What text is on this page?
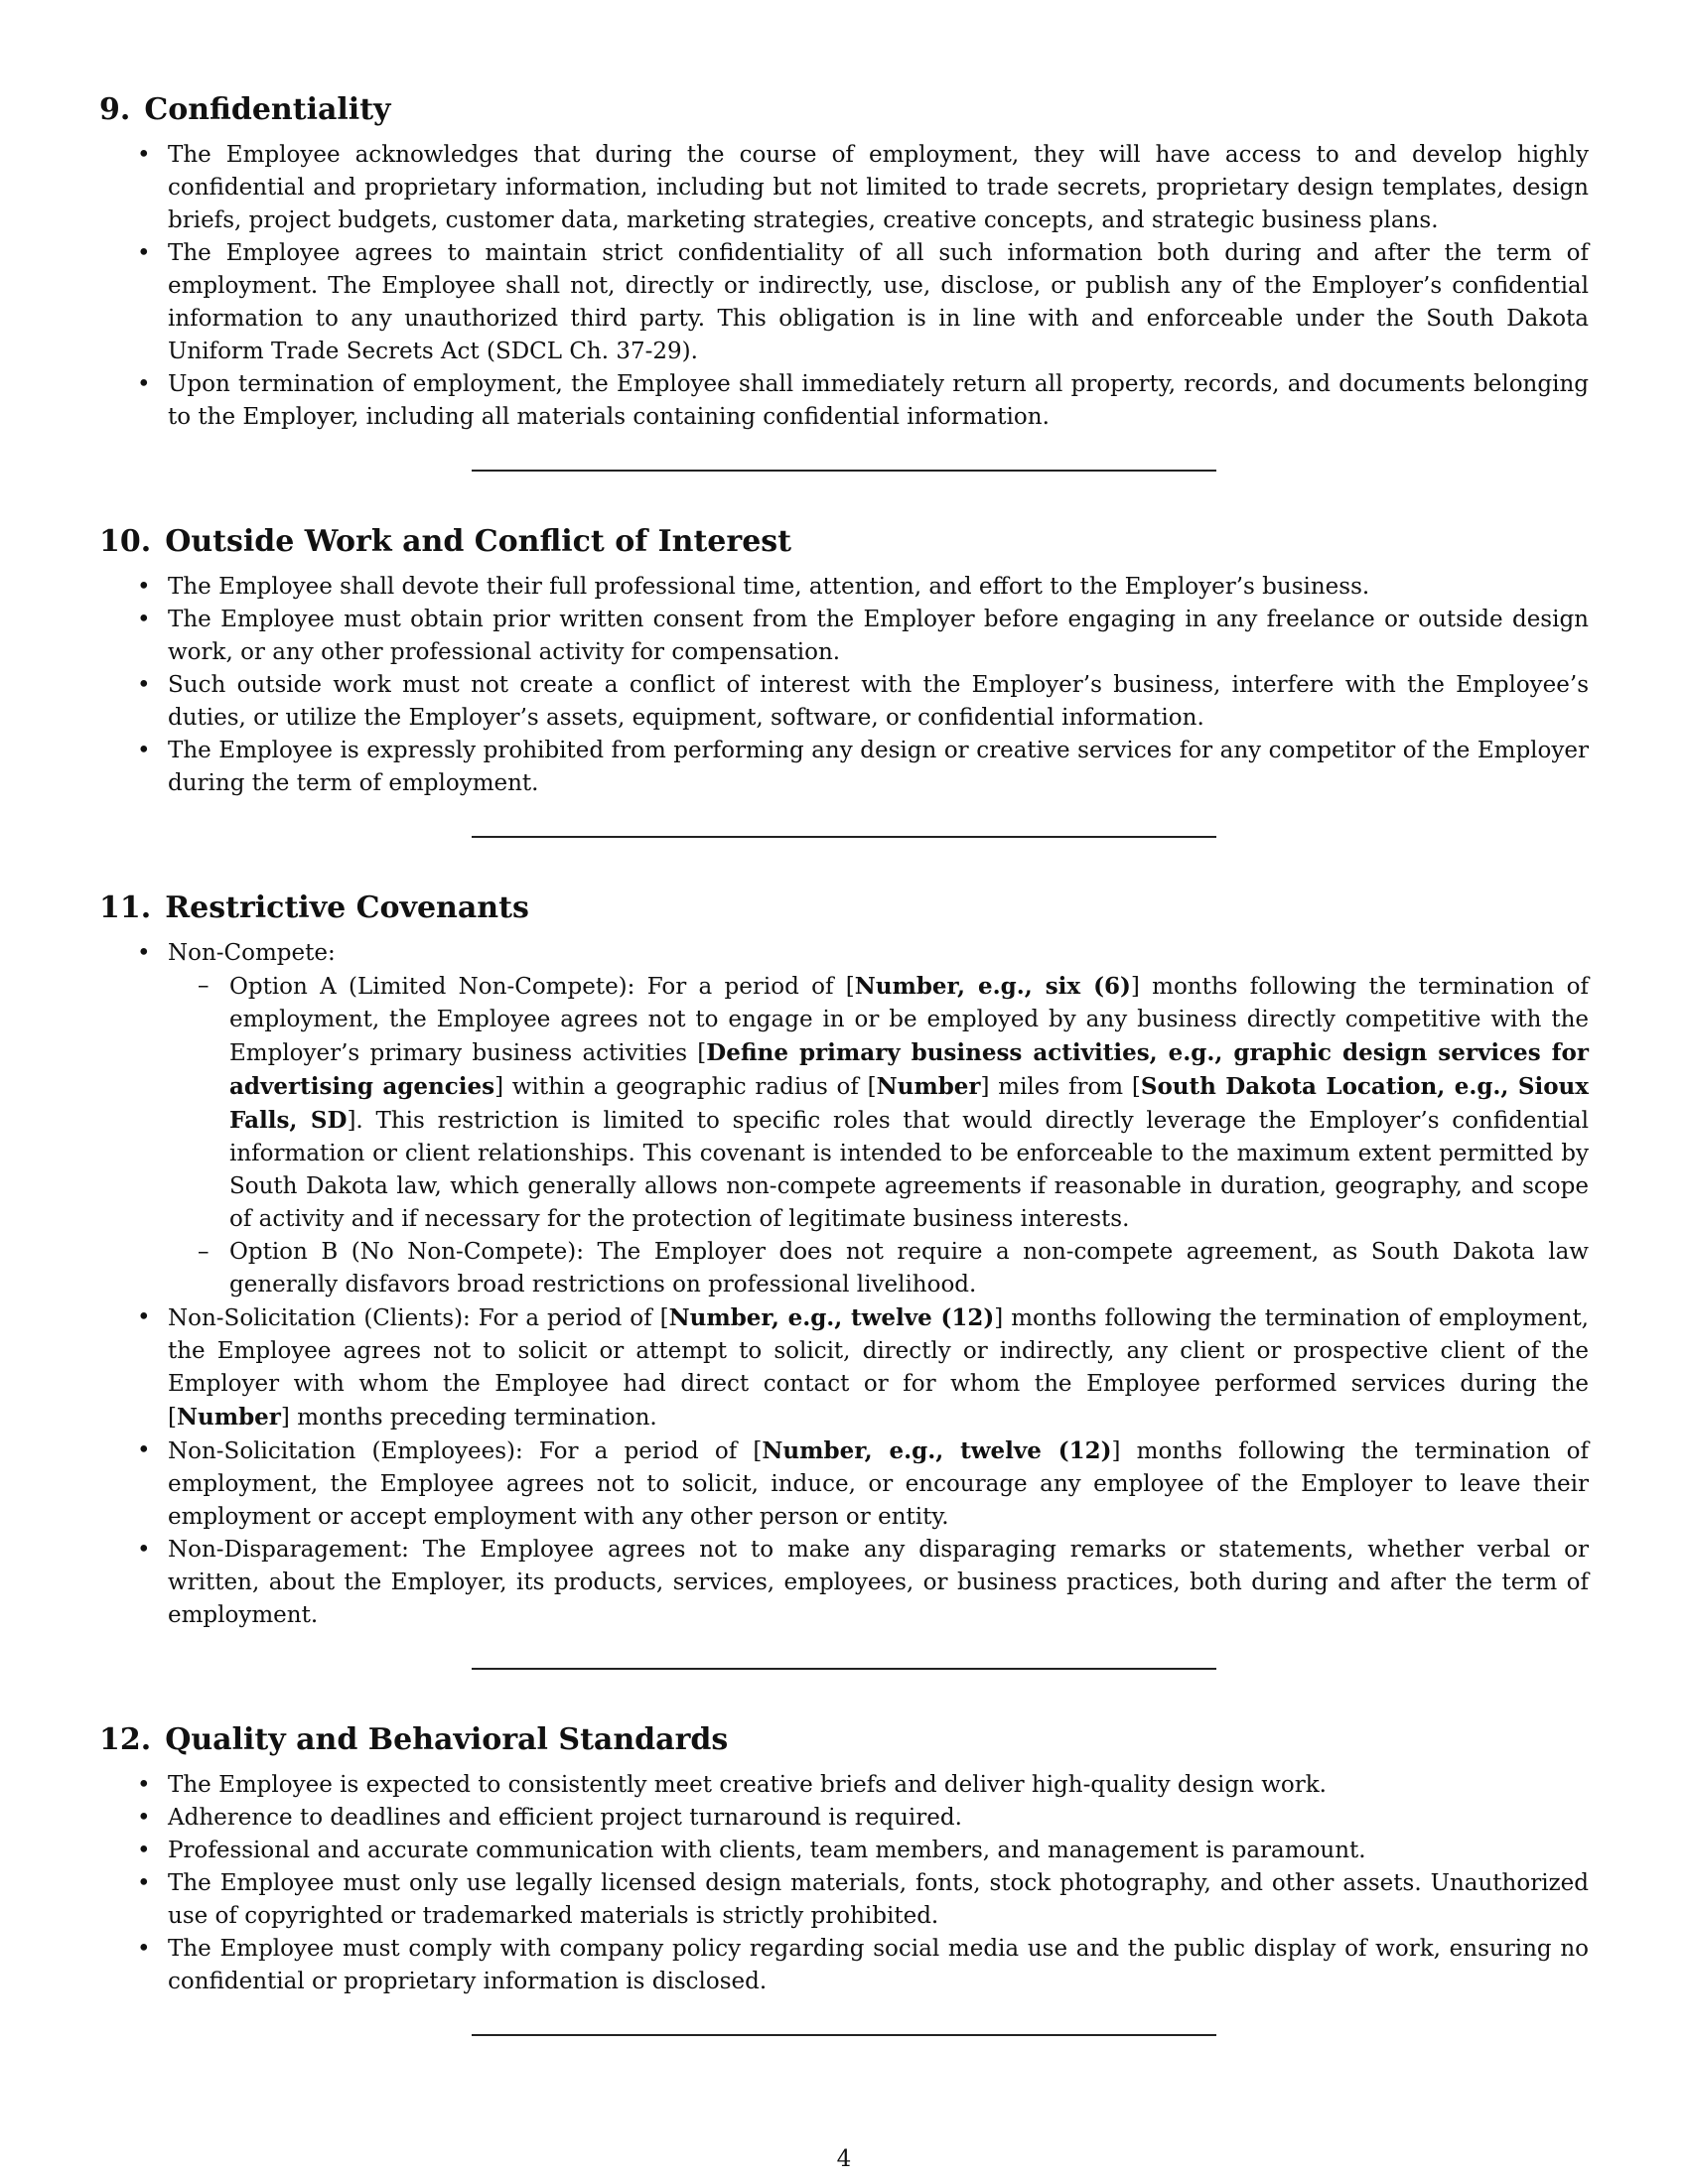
9. Confidentiality
• The Employee acknowledges that during the course of employment, they will have access to and develop highly confidential and proprietary information, including but not limited to trade secrets, proprietary design templates, design briefs, project budgets, customer data, marketing strategies, creative concepts, and strategic business plans.
• The Employee agrees to maintain strict confidentiality of all such information both during and after the term of employment. The Employee shall not, directly or indirectly, use, disclose, or publish any of the Employer’s confidential information to any unauthorized third party. This obligation is in line with and enforceable under the South Dakota Uniform Trade Secrets Act (SDCL Ch. 37-29).
• Upon termination of employment, the Employee shall immediately return all property, records, and documents belonging to the Employer, including all materials containing confidential information.
10. Outside Work and Conflict of Interest
• The Employee shall devote their full professional time, attention, and effort to the Employer’s business.
• The Employee must obtain prior written consent from the Employer before engaging in any freelance or outside design work, or any other professional activity for compensation.
• Such outside work must not create a conflict of interest with the Employer’s business, interfere with the Employee’s duties, or utilize the Employer’s assets, equipment, software, or confidential information.
• The Employee is expressly prohibited from performing any design or creative services for any competitor of the Employer during the term of employment.
11. Restrictive Covenants
• Non-Compete:
– Option A (Limited Non-Compete): For a period of [Number, e.g., six (6)] months following the termination of employment, the Employee agrees not to engage in or be employed by any business directly competitive with the Employer’s primary business activities [Define primary business activities, e.g., graphic design services for advertising agencies] within a geographic radius of [Number] miles from [South Dakota Location, e.g., Sioux Falls, SD]. This restriction is limited to specific roles that would directly leverage the Employer’s confidential information or client relationships. This covenant is intended to be enforceable to the maximum extent permitted by South Dakota law, which generally allows non-compete agreements if reasonable in duration, geography, and scope of activity and if necessary for the protection of legitimate business interests.
– Option B (No Non-Compete): The Employer does not require a non-compete agreement, as South Dakota law generally disfavors broad restrictions on professional livelihood.
• Non-Solicitation (Clients): For a period of [Number, e.g., twelve (12)] months following the termination of employment, the Employee agrees not to solicit or attempt to solicit, directly or indirectly, any client or prospective client of the Employer with whom the Employee had direct contact or for whom the Employee performed services during the [Number] months preceding termination.
• Non-Solicitation (Employees): For a period of [Number, e.g., twelve (12)] months following the termination of employment, the Employee agrees not to solicit, induce, or encourage any employee of the Employer to leave their employment or accept employment with any other person or entity.
• Non-Disparagement: The Employee agrees not to make any disparaging remarks or statements, whether verbal or written, about the Employer, its products, services, employees, or business practices, both during and after the term of employment.
12. Quality and Behavioral Standards
• The Employee is expected to consistently meet creative briefs and deliver high-quality design work.
• Adherence to deadlines and efficient project turnaround is required.
• Professional and accurate communication with clients, team members, and management is paramount.
• The Employee must only use legally licensed design materials, fonts, stock photography, and other assets. Unauthorized use of copyrighted or trademarked materials is strictly prohibited.
• The Employee must comply with company policy regarding social media use and the public display of work, ensuring no confidential or proprietary information is disclosed.
4
